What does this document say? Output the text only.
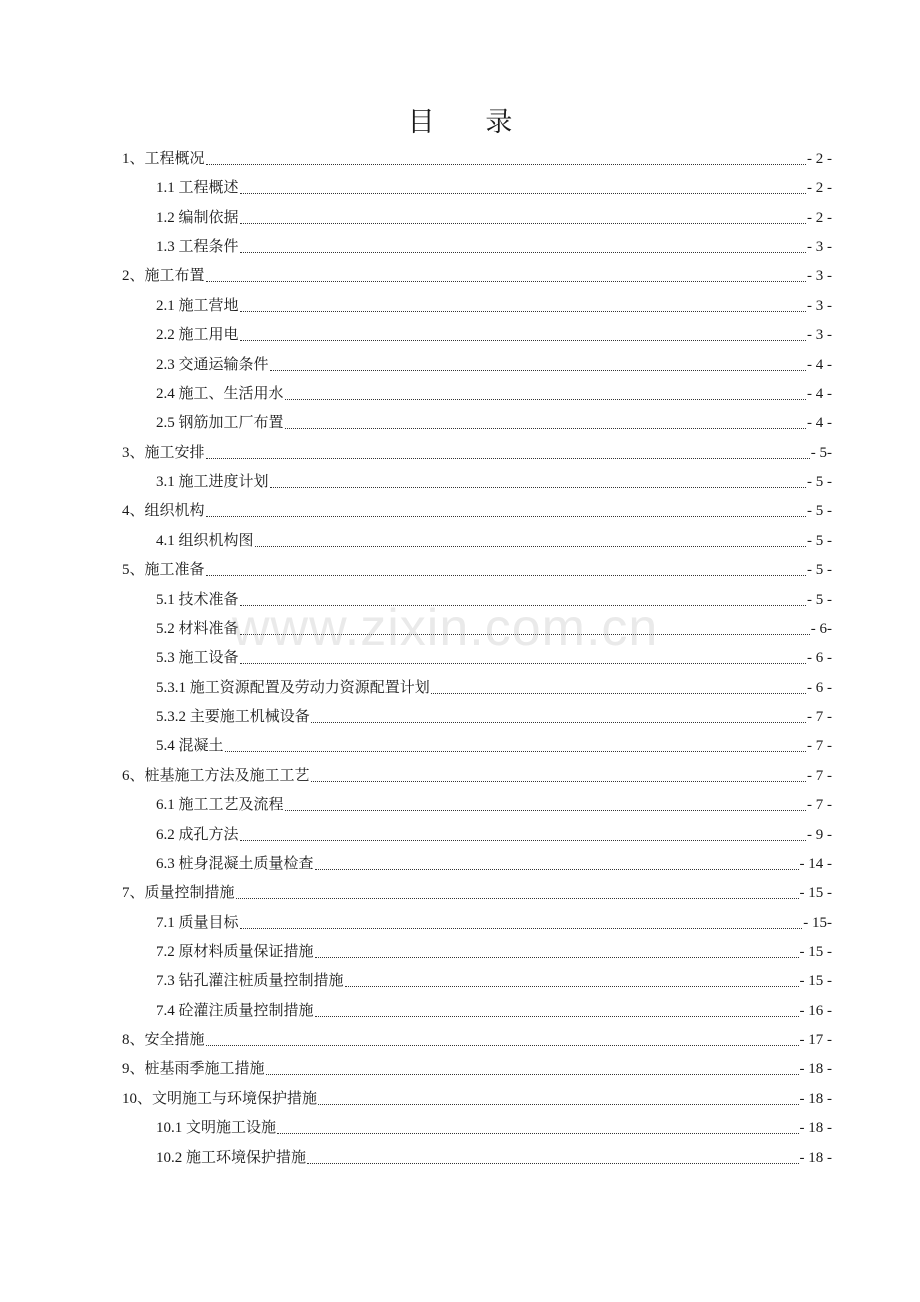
目 录
1、工程概况	- 2 -
1.1 工程概述	- 2 -
1.2 编制依据	- 2 -
1.3 工程条件	- 3 -
2、施工布置	- 3 -
2.1 施工营地	- 3 -
2.2 施工用电	- 3 -
2.3 交通运输条件	- 4 -
2.4 施工、生活用水	- 4 -
2.5 钢筋加工厂布置	- 4 -
3、施工安排	- 5-
3.1 施工进度计划	- 5 -
4、组织机构	- 5 -
4.1 组织机构图	- 5 -
5、施工准备	- 5 -
5.1 技术准备	- 5 -
5.2 材料准备	- 6-
5.3 施工设备	- 6 -
5.3.1 施工资源配置及劳动力资源配置计划	- 6 -
5.3.2 主要施工机械设备	- 7 -
5.4 混凝土	- 7 -
6、桩基施工方法及施工工艺	- 7 -
6.1 施工工艺及流程	- 7 -
6.2 成孔方法	- 9 -
6.3 桩身混凝土质量检查	- 14 -
7、质量控制措施	- 15 -
7.1 质量目标	- 15-
7.2 原材料质量保证措施	- 15 -
7.3 钻孔灌注桩质量控制措施	- 15 -
7.4 砼灌注质量控制措施	- 16 -
8、安全措施	- 17 -
9、桩基雨季施工措施	- 18 -
10、文明施工与环境保护措施	- 18 -
10.1 文明施工设施	- 18 -
10.2 施工环境保护措施	- 18 -
www.zixin.com.cn
